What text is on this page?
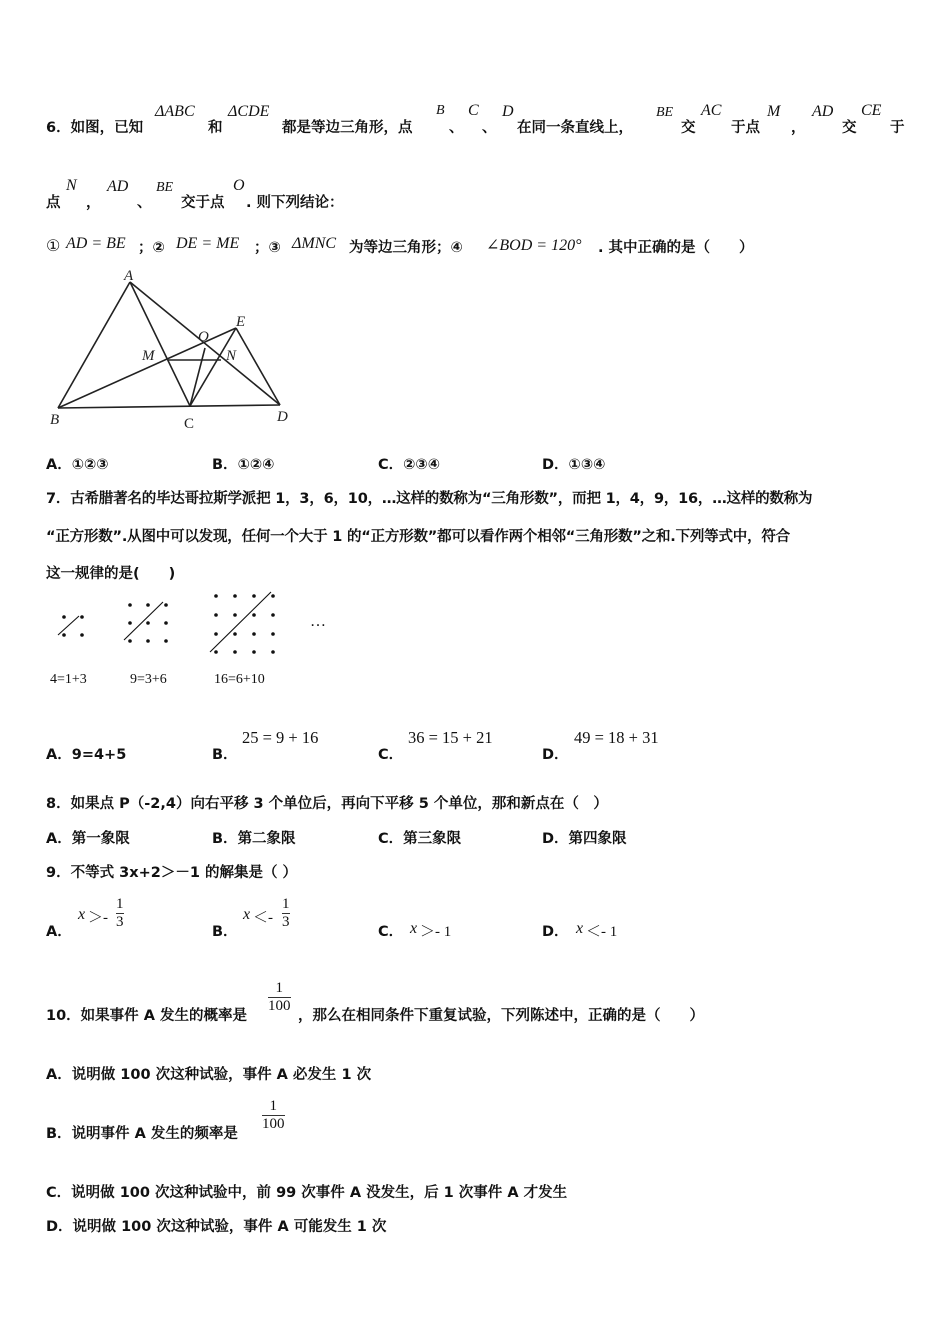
6．如图，已知
ΔABC
和
ΔCDE
都是等边三角形，点
B
、
C
、
D
在同一条直线上，
BE
交
AC
于点
M
，
AD
交
CE
于
点
N
，
AD
、
BE
交于点
O
. 则下列结论：
① AD = BE ；② DE = ME ；③ ΔMNC 为等边三角形；④ ∠BOD = 120° . 其中正确的是（　　）
A
B	C	D
E
M	N
O
A．①②③	B．①②④	C．②③④	D．①③④
7．古希腊著名的毕达哥拉斯学派把 1，3，6，10，…这样的数称为“三角形数”，而把 1，4，9，16，…这样的数称为
“正方形数”.从图中可以发现，任何一个大于 1 的“正方形数”都可以看作两个相邻“三角形数”之和.下列等式中，符合
这一规律的是(　　)
…
4=1+3	9=3+6	16=6+10
A．9=4+5	B．
25 = 9 + 16
C．
36 = 15 + 21
D．
49 = 18 + 31
8．如果点 P（-2,4）向右平移 3 个单位后，再向下平移 5 个单位，那和新点在（　）
A．第一象限	B．第二象限	C．第三象限	D．第四象限
9．不等式 3x+2＞－1 的解集是（ ）
A．
x ＞-
1
3
B．
x ＜-
1
3
C． x ＞- 1	D． x ＜- 1
10．如果事件 A 发生的概率是
1
100
，那么在相同条件下重复试验，下列陈述中，正确的是（　　）
A．说明做 100 次这种试验，事件 A 必发生 1 次
B．说明事件 A 发生的频率是
1
100
C．说明做 100 次这种试验中，前 99 次事件 A 没发生，后 1 次事件 A 才发生
D．说明做 100 次这种试验，事件 A 可能发生 1 次
